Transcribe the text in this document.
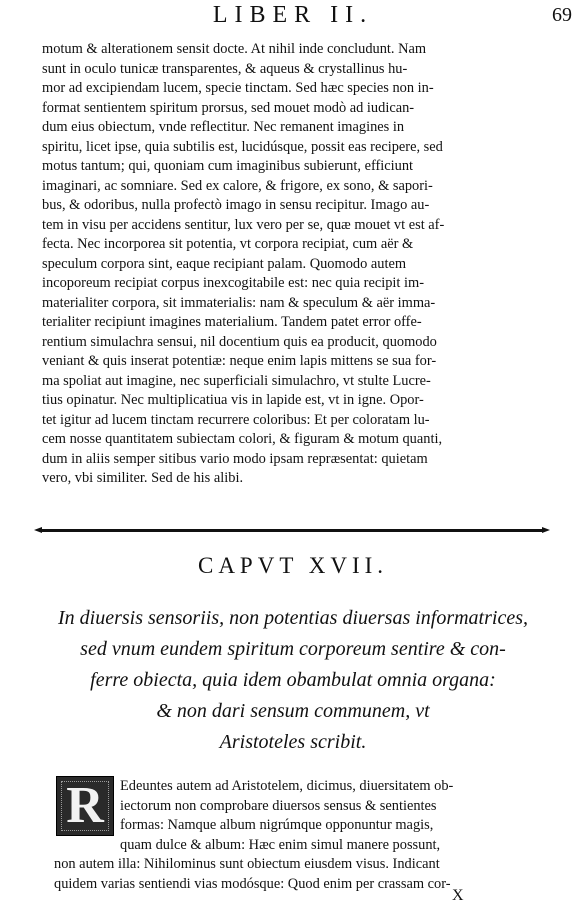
LIBER II.	69
motum & alterationem sensit docte. At nihil inde concludunt. Nam
sunt in oculo tunicæ transparentes, & aqueus & crystallinus hu-
mor ad excipiendam lucem, specie tinctam. Sed hæc species non in-
format sentientem spiritum prorsus, sed mouet modò ad iudican-
dum eius obiectum, vnde reflectitur. Nec remanent imagines in
spiritu, licet ipse, quia subtilis est, lucidúsque, possit eas recipere, sed
motus tantum; qui, quoniam cum imaginibus subierunt, efficiunt
imaginari, ac somniare. Sed ex calore, & frigore, ex sono, & sapori-
bus, & odoribus, nulla profectò imago in sensu recipitur. Imago au-
tem in visu per accidens sentitur, lux vero per se, quæ mouet vt est af-
fecta. Nec incorporea sit potentia, vt corpora recipiat, cum aër &
speculum corpora sint, eaque recipiant palam. Quomodo autem
incoporeum recipiat corpus inexcogitabile est: nec quia recipit im-
materialiter corpora, sit immaterialis: nam & speculum & aër imma-
terialiter recipiunt imagines materialium. Tandem patet error offe-
rentium simulachra sensui, nil docentium quis ea producit, quomodo
veniant & quis inserat potentiæ: neque enim lapis mittens se sua for-
ma spoliat aut imagine, nec superficiali simulachro, vt stulte Lucre-
tius opinatur. Nec multiplicatiua vis in lapide est, vt in igne. Opor-
tet igitur ad lucem tinctam recurrere coloribus: Et per coloratam lu-
cem nosse quantitatem subiectam colori, & figuram & motum quanti,
dum in aliis semper sitibus vario modo ipsam repræsentat: quietam
vero, vbi similiter. Sed de his alibi.
CAPVT XVII.
In diuersis sensoriis, non potentias diuersas informatrices,
sed vnum eundem spiritum corporeum sentire & con-
ferre obiecta, quia idem obambulat omnia organa:
& non dari sensum communem, vt
Aristoteles scribit.
R	Edeuntes autem ad Aristotelem, dicimus, diuersitatem ob-
iectorum non comprobare diuersos sensus & sentientes
formas: Namque album nigrúmque opponuntur magis,
quam dulce & album: Hæc enim simul manere possunt,
non autem illa: Nihilominus sunt obiectum eiusdem visus. Indicant
quidem varias sentiendi vias modósque: Quod enim per crassam cor-
X
